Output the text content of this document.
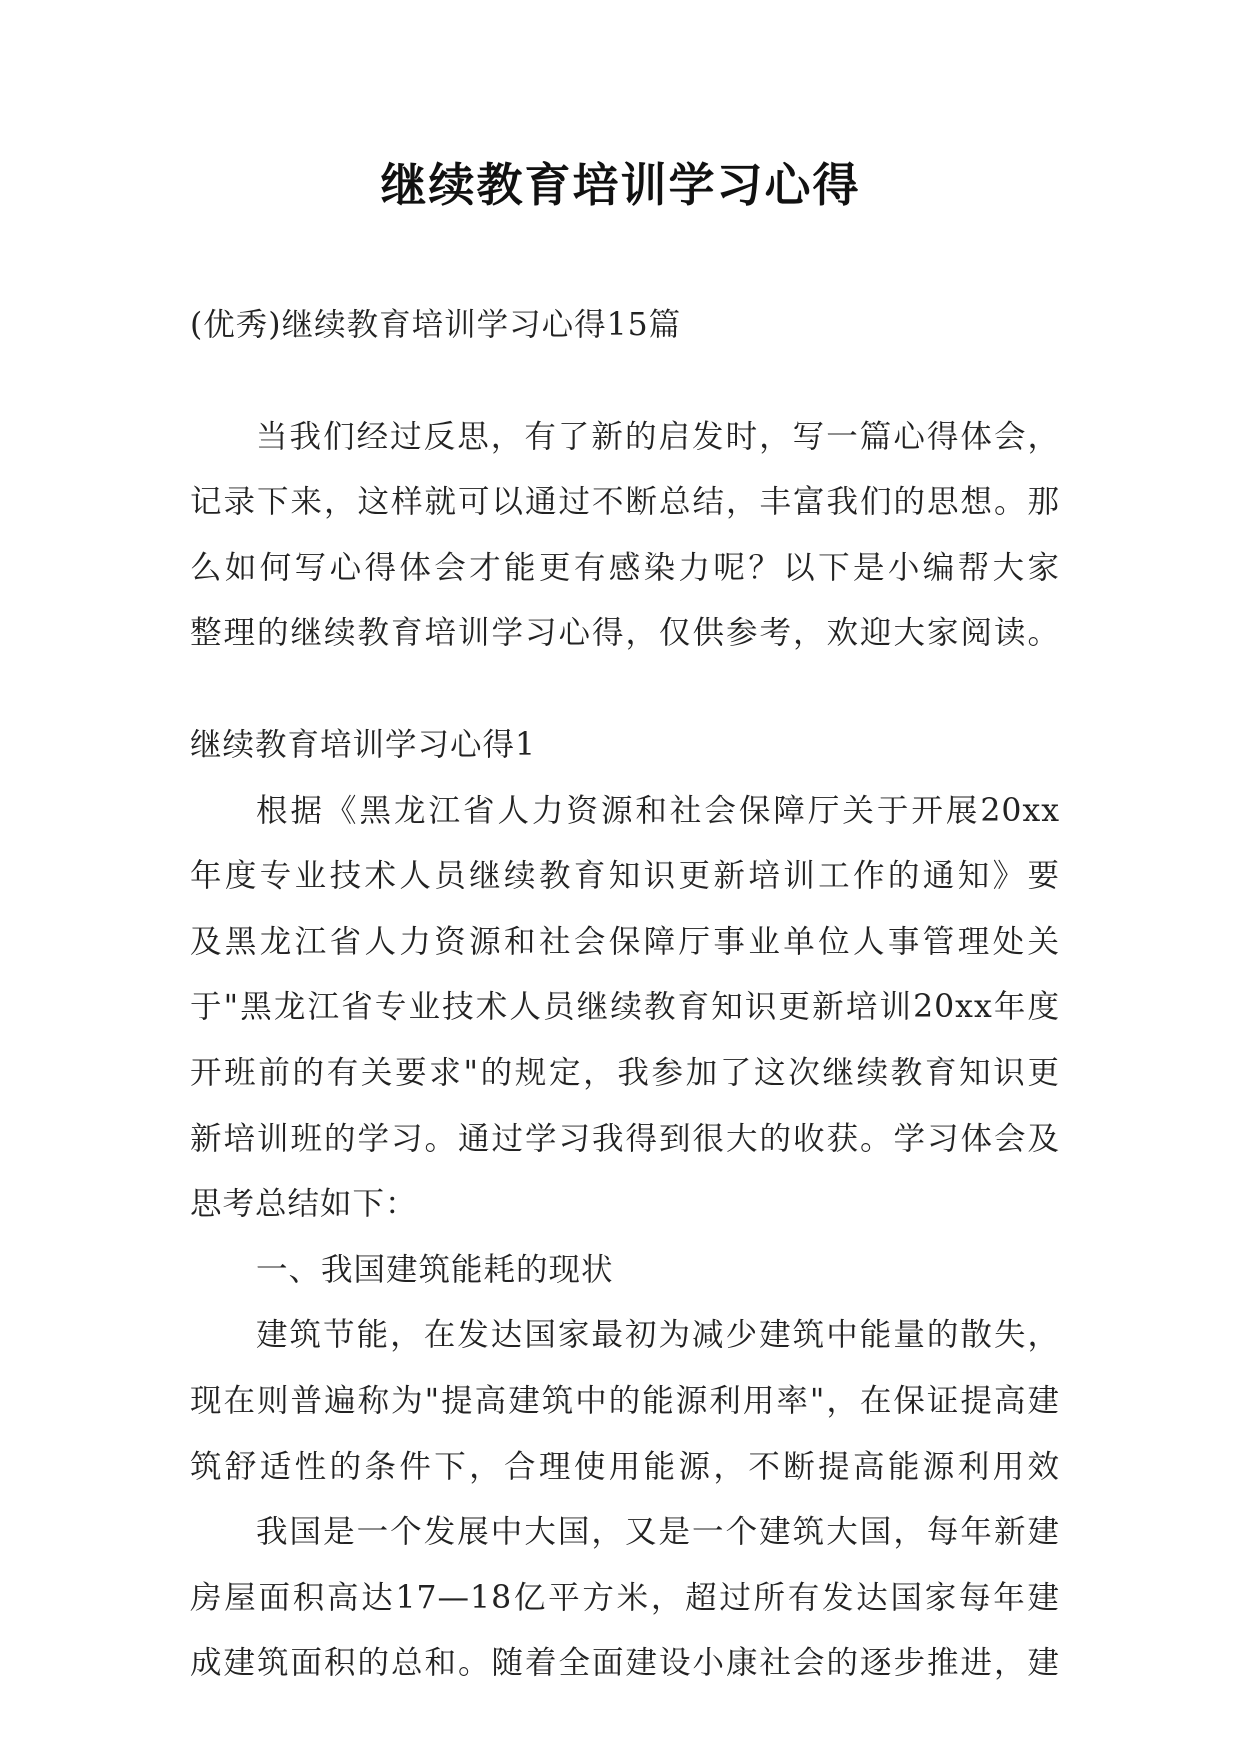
继续教育培训学习心得
(优秀)继续教育培训学习心得15篇
当我们经过反思，有了新的启发时，写一篇心得体会，
记录下来，这样就可以通过不断总结，丰富我们的思想。那
么如何写心得体会才能更有感染力呢？以下是小编帮大家
整理的继续教育培训学习心得，仅供参考，欢迎大家阅读。
继续教育培训学习心得1
根据《黑龙江省人力资源和社会保障厅关于开展20xx
年度专业技术人员继续教育知识更新培训工作的通知》要
及黑龙江省人力资源和社会保障厅事业单位人事管理处关
于"黑龙江省专业技术人员继续教育知识更新培训20xx年度
开班前的有关要求"的规定，我参加了这次继续教育知识更
新培训班的学习。通过学习我得到很大的收获。学习体会及
思考总结如下：
一、我国建筑能耗的现状
建筑节能，在发达国家最初为减少建筑中能量的散失，
现在则普遍称为"提高建筑中的能源利用率"，在保证提高建
筑舒适性的条件下，合理使用能源，不断提高能源利用效
我国是一个发展中大国，又是一个建筑大国，每年新建
房屋面积高达17—18亿平方米，超过所有发达国家每年建
成建筑面积的总和。随着全面建设小康社会的逐步推进，建
